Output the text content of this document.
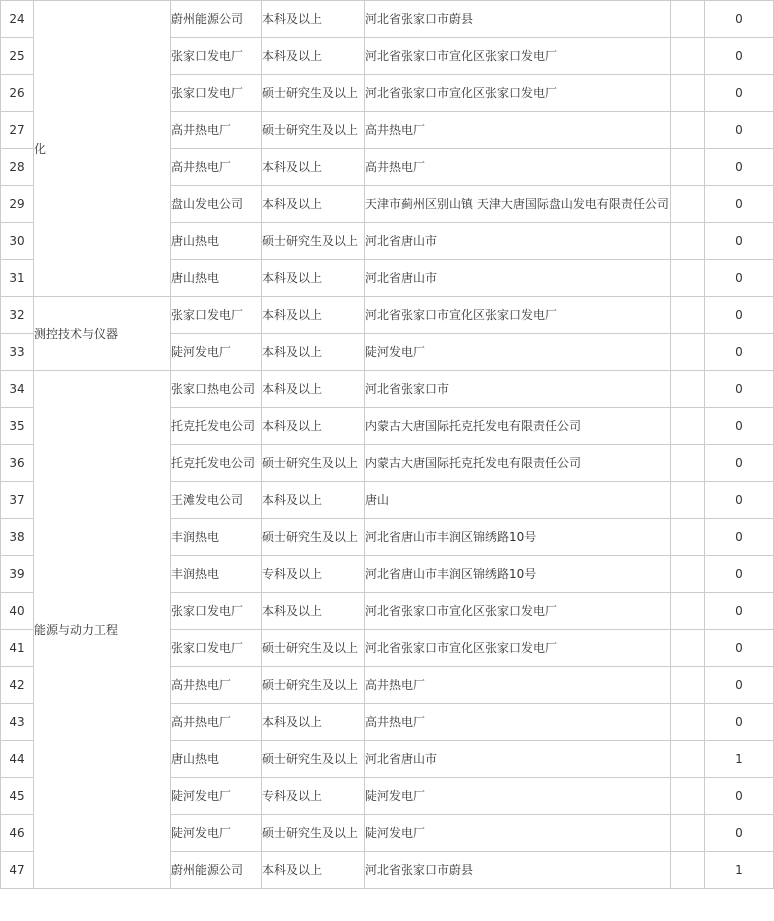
24	化	蔚州能源公司	本科及以上	河北省张家口市蔚县		0
25		张家口发电厂	本科及以上	河北省张家口市宣化区张家口发电厂		0
26		张家口发电厂	硕士研究生及以上	河北省张家口市宣化区张家口发电厂		0
27		高井热电厂	硕士研究生及以上	高井热电厂		0
28		高井热电厂	本科及以上	高井热电厂		0
29		盘山发电公司	本科及以上	天津市蓟州区别山镇 天津大唐国际盘山发电有限责任公司		0
30		唐山热电	硕士研究生及以上	河北省唐山市		0
31		唐山热电	本科及以上	河北省唐山市		0
32	测控技术与仪器	张家口发电厂	本科及以上	河北省张家口市宣化区张家口发电厂		0
33		陡河发电厂	本科及以上	陡河发电厂		0
34	能源与动力工程	张家口热电公司	本科及以上	河北省张家口市		0
35		托克托发电公司	本科及以上	内蒙古大唐国际托克托发电有限责任公司		0
36		托克托发电公司	硕士研究生及以上	内蒙古大唐国际托克托发电有限责任公司		0
37		王滩发电公司	本科及以上	唐山		0
38		丰润热电	硕士研究生及以上	河北省唐山市丰润区锦绣路10号		0
39		丰润热电	专科及以上	河北省唐山市丰润区锦绣路10号		0
40		张家口发电厂	本科及以上	河北省张家口市宣化区张家口发电厂		0
41		张家口发电厂	硕士研究生及以上	河北省张家口市宣化区张家口发电厂		0
42		高井热电厂	硕士研究生及以上	高井热电厂		0
43		高井热电厂	本科及以上	高井热电厂		0
44		唐山热电	硕士研究生及以上	河北省唐山市		1
45		陡河发电厂	专科及以上	陡河发电厂		0
46		陡河发电厂	硕士研究生及以上	陡河发电厂		0
47		蔚州能源公司	本科及以上	河北省张家口市蔚县		1
